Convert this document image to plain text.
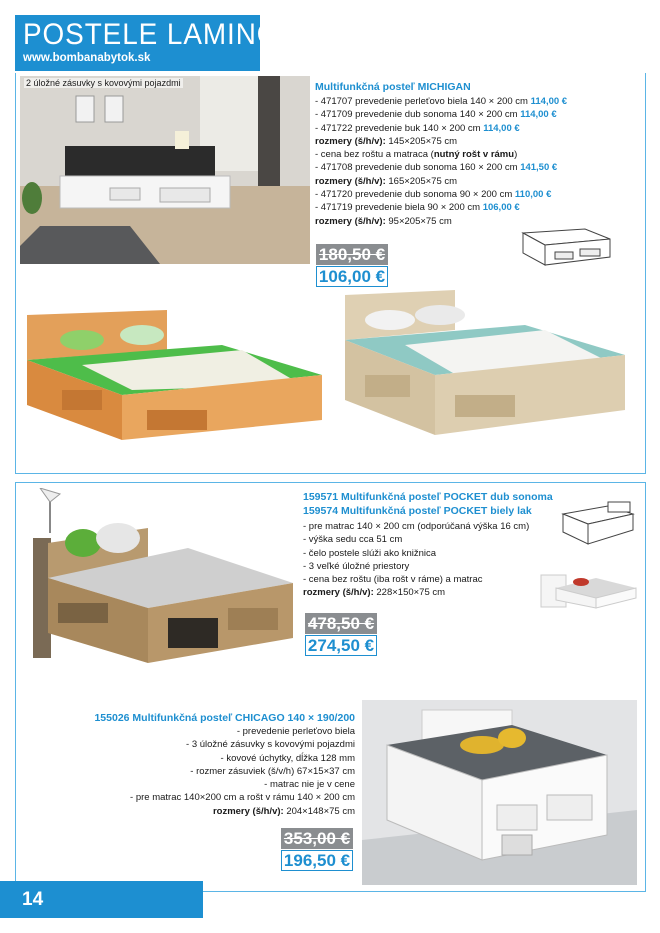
POSTELE LAMINO
www.bombanabytok.sk
2 úložné zásuvky s kovovými pojazdmi	Multifunkčná posteľ MICHIGAN
- 471707 prevedenie perleťovo biela 140 × 200 cm 114,00 €
- 471709 prevedenie dub sonoma 140 × 200 cm 114,00 €
- 471722 prevedenie buk 140 × 200 cm 114,00 €
rozmery (š/h/v): 145×205×75 cm
- cena bez roštu a matraca (nutný rošt v rámu)
- 471708 prevedenie dub sonoma 160 × 200 cm 141,50 €
rozmery (š/h/v): 165×205×75 cm
- 471720 prevedenie dub sonoma 90 × 200 cm 110,00 €
- 471719 prevedenie biela 90 × 200 cm 106,00 €
rozmery (š/h/v): 95×205×75 cm
180,50 €
106,00 €
159571 Multifunkčná posteľ POCKET dub sonoma
159574 Multifunkčná posteľ POCKET biely lak
- pre matrac 140 × 200 cm (odporúčaná výška 16 cm)
- výška sedu cca 51 cm
- čelo postele slúži ako knižnica
- 3 veľké úložné priestory
- cena bez roštu (iba rošt v ráme) a matrac
rozmery (š/h/v): 228×150×75 cm
478,50 €
274,50 €
155026 Multifunkčná posteľ CHICAGO 140 × 190/200
- prevedenie perleťovo biela
- 3 úložné zásuvky s kovovými pojazdmi
- kovové úchytky, dĺžka 128 mm
- rozmer zásuviek (š/v/h) 67×15×37 cm
- matrac nie je v cene
- pre matrac 140×200 cm a rošt v rámu 140 × 200 cm
rozmery (š/h/v): 204×148×75 cm
353,00 €
196,50 €
14
